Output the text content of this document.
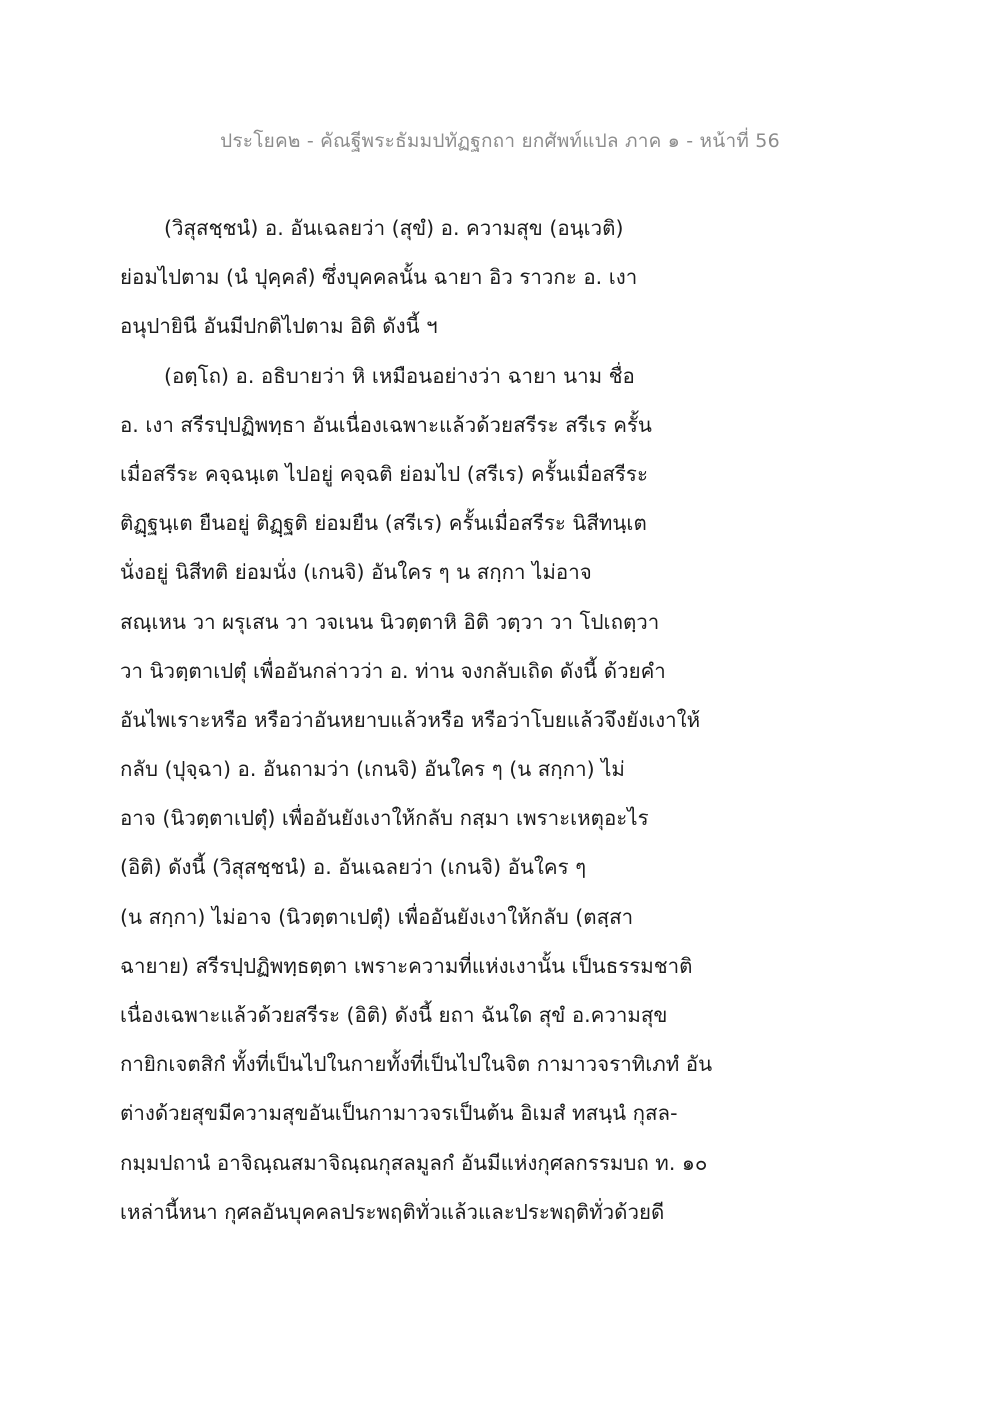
ประโยค๒ - คัณฐีพระธัมมปทัฏฐกถา ยกศัพท์แปล ภาค ๑ - หน้าที่ 56
(วิสุสชฺชนํ) อ. อันเฉลยว่า (สุขํ) อ. ความสุข (อนฺเวติ)
ย่อมไปตาม (นํ ปุคฺคลํ) ซึ่งบุคคลนั้น ฉายา อิว ราวกะ อ. เงา
อนุปายินี อันมีปกติไปตาม อิติ ดังนี้ ฯ
(อตฺโถ) อ. อธิบายว่า หิ เหมือนอย่างว่า ฉายา นาม ชื่อ
อ. เงา สรีรปฺปฏิพทฺธา อันเนื่องเฉพาะแล้วด้วยสรีระ สรีเร ครั้น
เมื่อสรีระ คจฺฉนฺเต ไปอยู่ คจฺฉติ ย่อมไป (สรีเร) ครั้นเมื่อสรีระ
ติฏฺฐนฺเต ยืนอยู่ ติฏฺฐติ ย่อมยืน (สรีเร) ครั้นเมื่อสรีระ นิสีทนฺเต
นั่งอยู่ นิสีทติ ย่อมนั่ง (เกนจิ) อันใคร ๆ น สกฺกา ไม่อาจ
สณฺเหน วา ผรุเสน วา วจเนน นิวตฺตาหิ อิติ วตฺวา วา โปเถตฺวา
วา นิวตฺตาเปตุํ เพื่ออันกล่าวว่า อ. ท่าน จงกลับเถิด ดังนี้ ด้วยคำ
อันไพเราะหรือ หรือว่าอันหยาบแล้วหรือ หรือว่าโบยแล้วจึงยังเงาให้
กลับ (ปุจฺฉา) อ. อันถามว่า (เกนจิ) อันใคร ๆ (น สกฺกา) ไม่
อาจ (นิวตฺตาเปตุํ) เพื่ออันยังเงาให้กลับ กสฺมา เพราะเหตุอะไร
(อิติ) ดังนี้ (วิสุสชฺชนํ) อ. อันเฉลยว่า (เกนจิ) อันใคร ๆ
(น สกฺกา) ไม่อาจ (นิวตฺตาเปตุํ) เพื่ออันยังเงาให้กลับ (ตสฺสา
ฉายาย) สรีรปฺปฏิพทฺธตฺตา เพราะความที่แห่งเงานั้น เป็นธรรมชาติ
เนื่องเฉพาะแล้วด้วยสรีระ (อิติ) ดังนี้ ยถา ฉันใด สุขํ อ.ความสุข
กายิกเจตสิกํ ทั้งที่เป็นไปในกายทั้งที่เป็นไปในจิต กามาวจราทิเภทํ อัน
ต่างด้วยสุขมีความสุขอันเป็นกามาวจรเป็นต้น อิเมสํ ทสนฺนํ กุสล-
กมฺมปถานํ อาจิณฺณสมาจิณฺณกุสลมูลกํ อันมีแห่งกุศลกรรมบถ ท. ๑๐
เหล่านี้หนา กุศลอันบุคคลประพฤติทั่วแล้วและประพฤติทั่วด้วยดี
